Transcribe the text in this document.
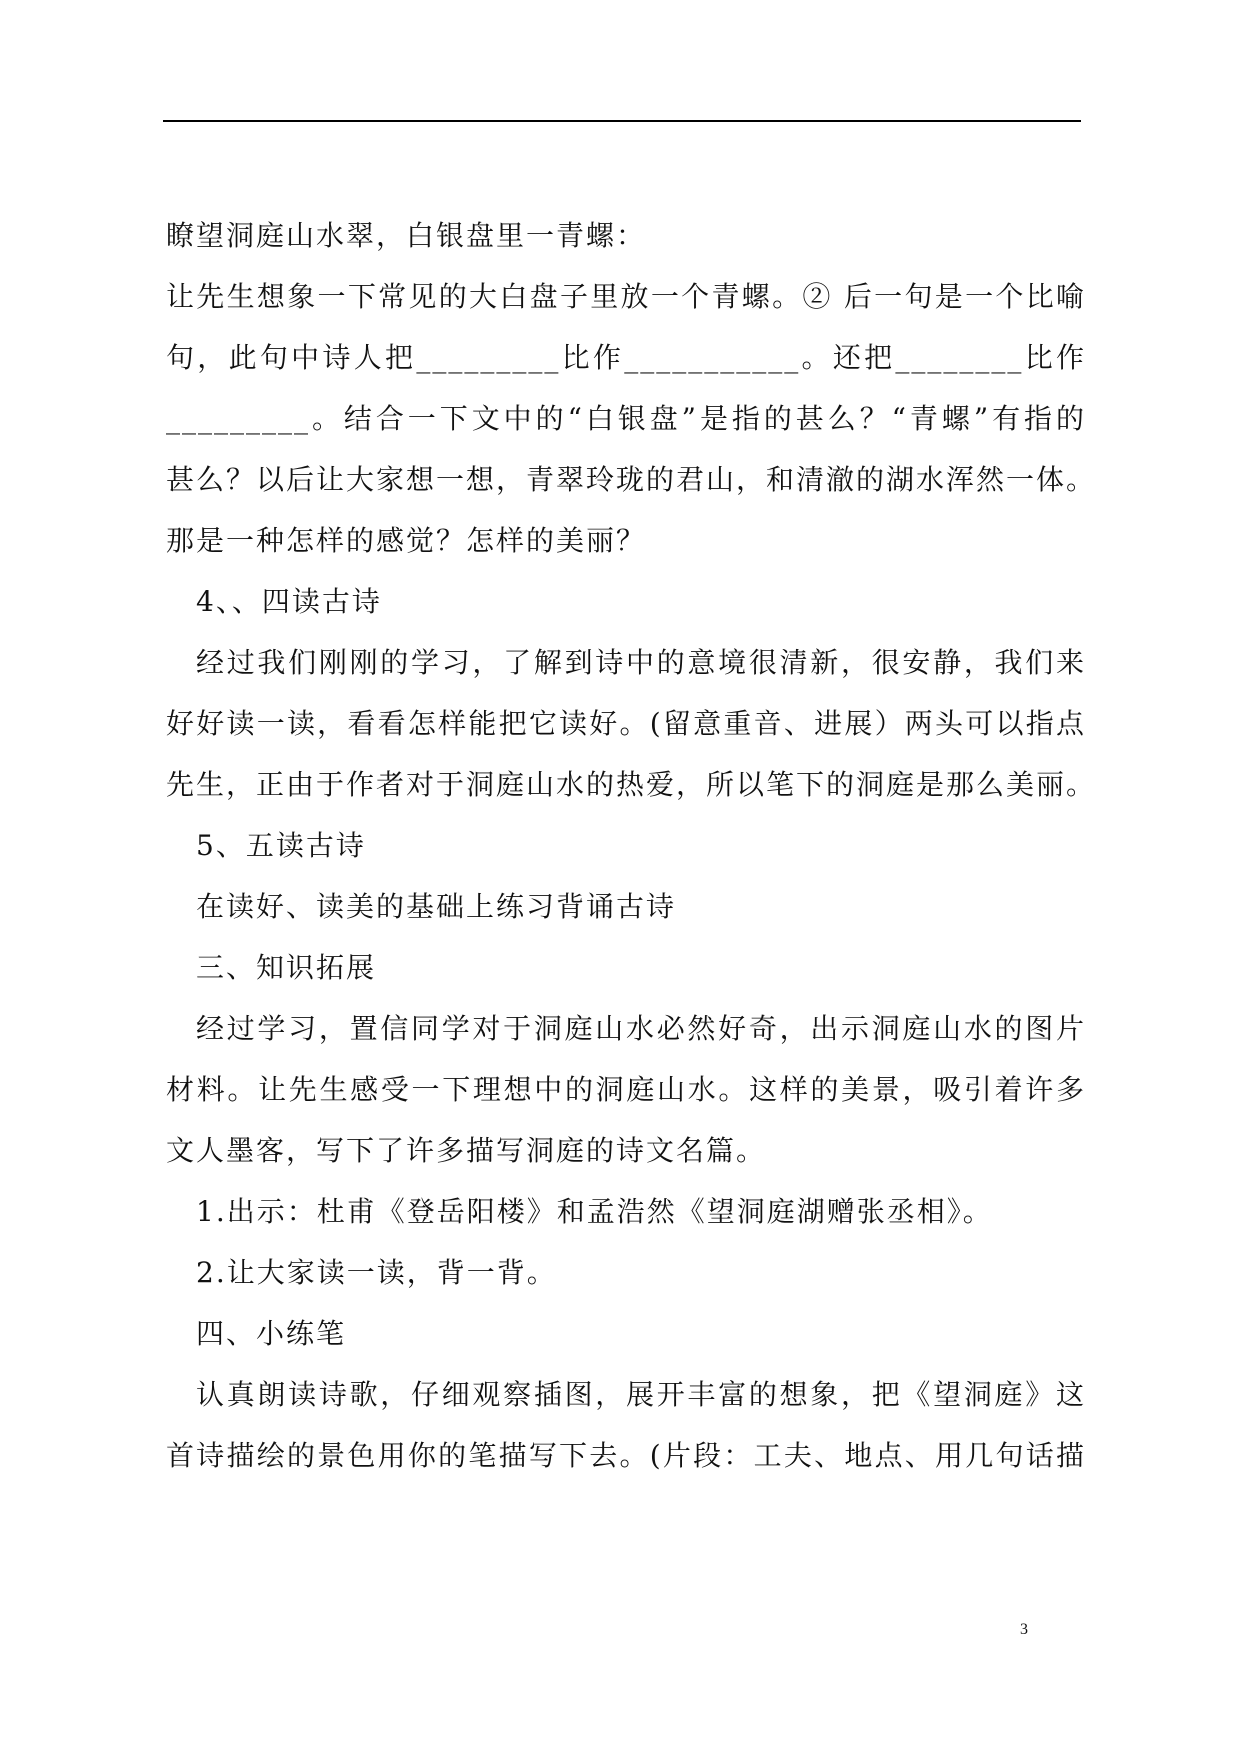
瞭望洞庭山水翠，白银盘里一青螺：
让先生想象一下常见的大白盘子里放一个青螺。② 后一句是一个比喻
句，此句中诗人把_________比作___________。还把________比作
_________。结合一下文中的“白银盘”是指的甚么？“青螺”有指的
甚么？以后让大家想一想，青翠玲珑的君山，和清澈的湖水浑然一体。
那是一种怎样的感觉？怎样的美丽？
4、、四读古诗
经过我们刚刚的学习，了解到诗中的意境很清新，很安静，我们来
好好读一读，看看怎样能把它读好。(留意重音、进展）两头可以指点
先生，正由于作者对于洞庭山水的热爱，所以笔下的洞庭是那么美丽。
5、五读古诗
在读好、读美的基础上练习背诵古诗
三、知识拓展
经过学习，置信同学对于洞庭山水必然好奇，出示洞庭山水的图片
材料。让先生感受一下理想中的洞庭山水。这样的美景，吸引着许多
文人墨客，写下了许多描写洞庭的诗文名篇。
1.出示：杜甫《登岳阳楼》和孟浩然《望洞庭湖赠张丞相》。
2.让大家读一读，背一背。
四、小练笔
认真朗读诗歌，仔细观察插图，展开丰富的想象，把《望洞庭》这
首诗描绘的景色用你的笔描写下去。(片段：工夫、地点、用几句话描
3
